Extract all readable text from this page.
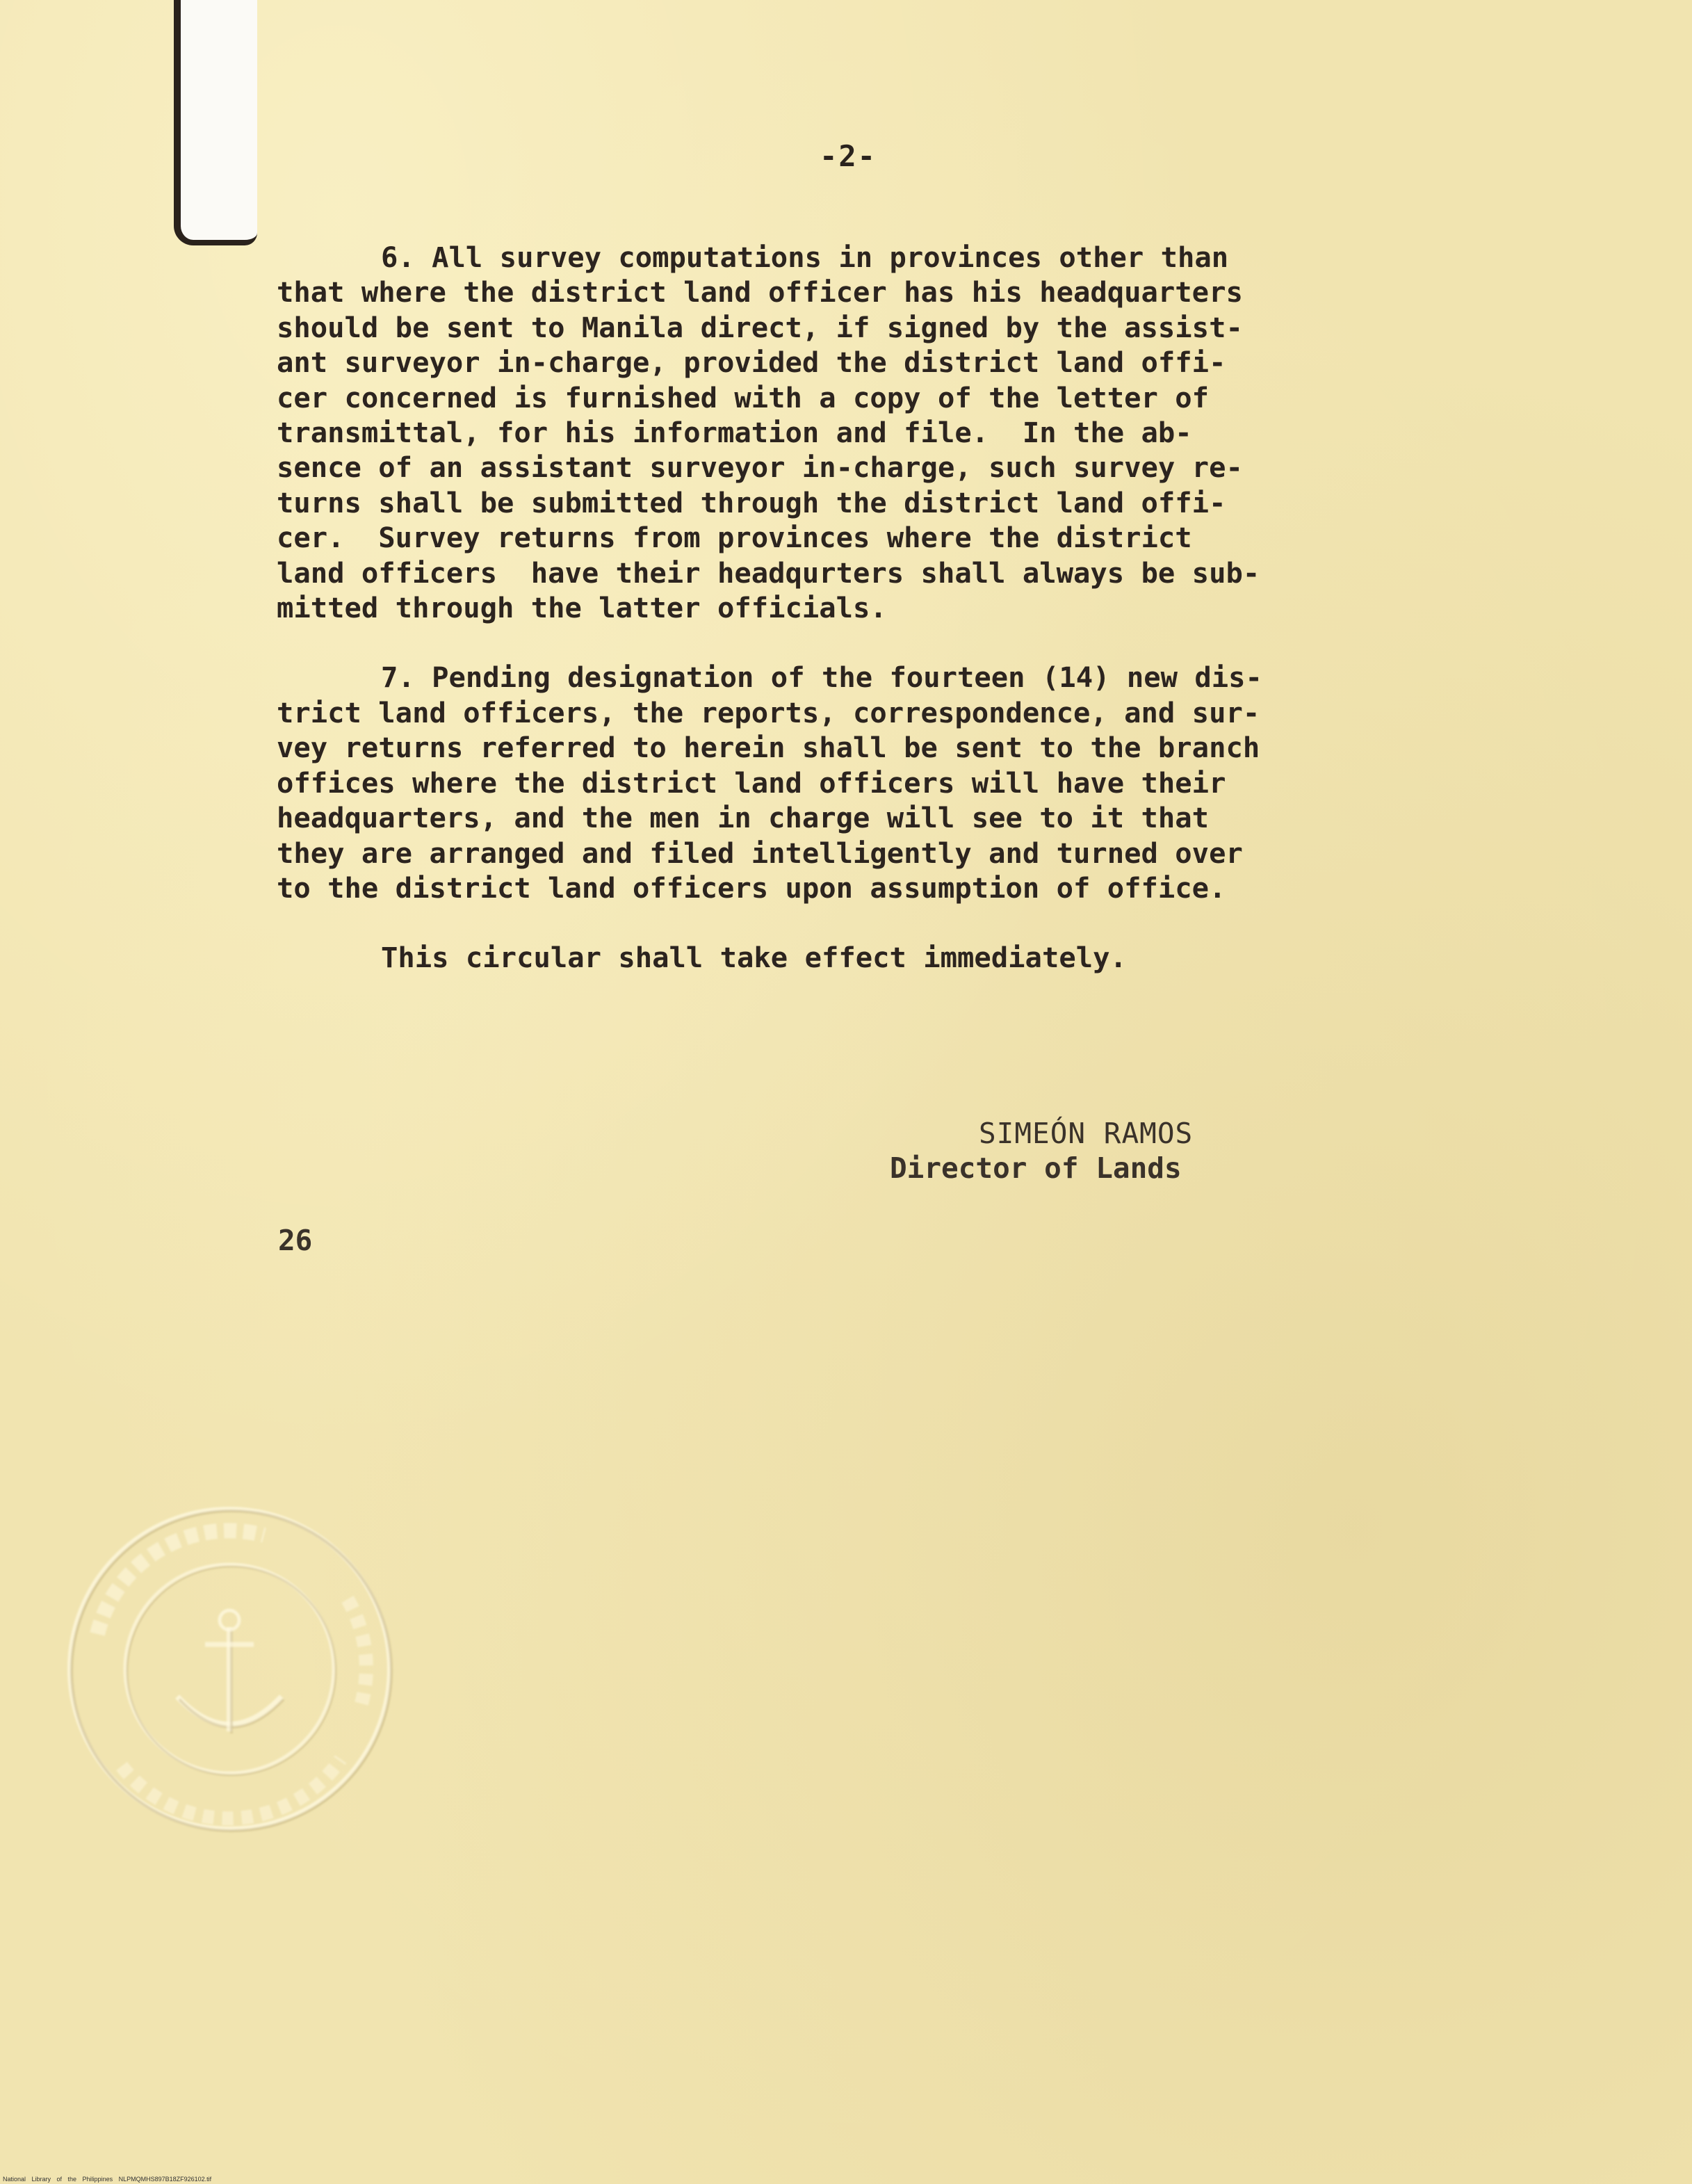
-2-
6. All survey computations in provinces other than
that where the district land officer has his headquarters
should be sent to Manila direct, if signed by the assist-
ant surveyor in-charge, provided the district land offi-
cer concerned is furnished with a copy of the letter of
transmittal, for his information and file.  In the ab-
sence of an assistant surveyor in-charge, such survey re-
turns shall be submitted through the district land offi-
cer.  Survey returns from provinces where the district
land officers  have their headqurters shall always be sub-
mitted through the latter officials.
7. Pending designation of the fourteen (14) new dis-
trict land officers, the reports, correspondence, and sur-
vey returns referred to herein shall be sent to the branch
offices where the district land officers will have their
headquarters, and the men in charge will see to it that
they are arranged and filed intelligently and turned over
to the district land officers upon assumption of office.
This circular shall take effect immediately.
SIMEÓN RAMOS
Director of Lands
26
National Library of the Philippines NLPMQMHS897B18ZF926102.tif
